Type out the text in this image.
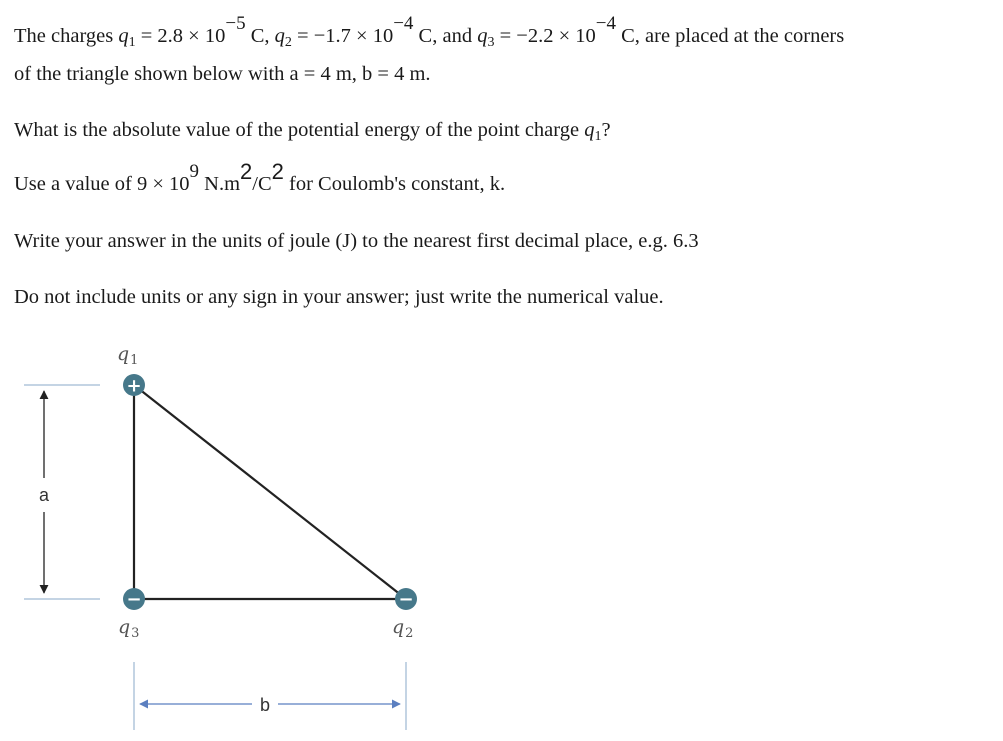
The charges $q_1 = 2.8 \times 10^{-5}$ C, $q_2 = -1.7 \times 10^{-4}$ C, and $q_3 = -2.2 \times 10^{-4}$ C, are placed at the corners

of the triangle shown below with a = 4 m, b = 4 m.

What is the absolute value of the potential energy of the point charge $q_1$?

Use a value of $9 \times 10^9$ $N.m^2/C^2$ for Coulomb's constant, k.

Write your answer in the units of joule (J) to the nearest first decimal place, e.g. 6.3

Do not include units or any sign in your answer; just write the numerical value.

a
b
+
−	−
$q_1$
$q_3$	$q_2$
